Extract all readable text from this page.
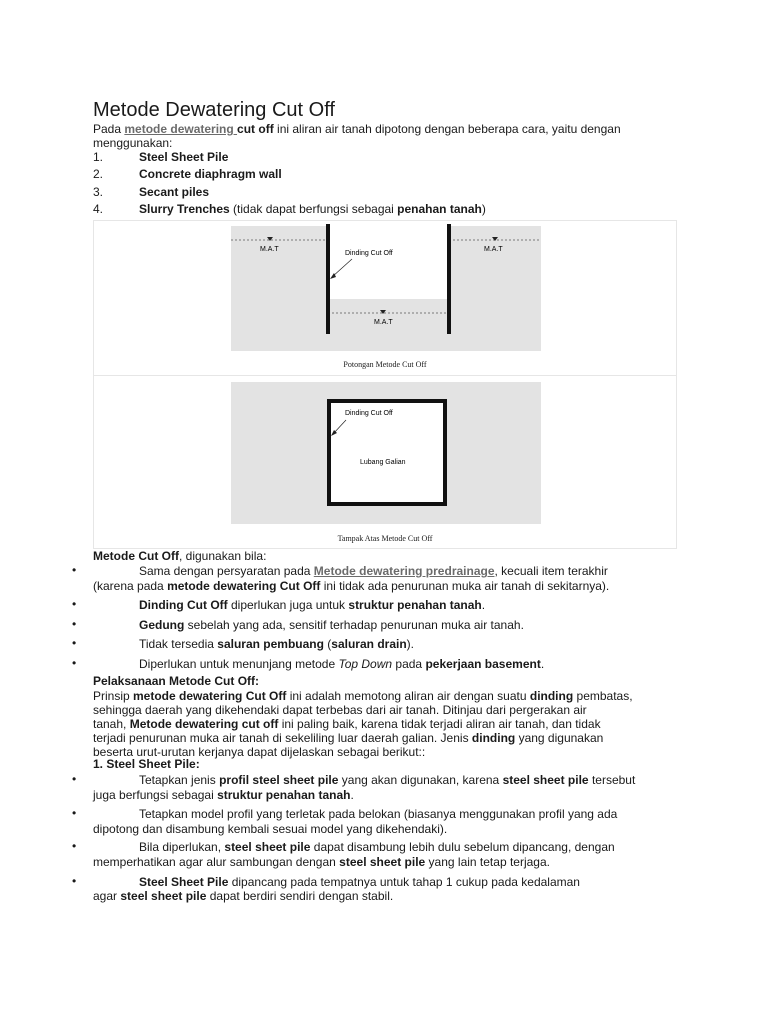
Metode Dewatering Cut Off

Pada metode dewatering cut off ini aliran air tanah dipotong dengan beberapa cara, yaitu dengan

menggunakan:

1.	Steel Sheet Pile
2.	Concrete diaphragm wall
3.	Secant piles
4.	Slurry Trenches (tidak dapat berfungsi sebagai penahan tanah)
M.A.T	M.A.T
M.A.T
Dinding Cut Off
Potongan Metode Cut Off
Dinding Cut Off
Lubang Galian
Tampak Atas Metode Cut Off

Metode Cut Off, digunakan bila:

•	Sama dengan persyaratan pada Metode dewatering predrainage, kecuali item terakhir

(karena pada metode dewatering Cut Off ini tidak ada penurunan muka air tanah di sekitarnya).

•	Dinding Cut Off diperlukan juga untuk struktur penahan tanah.

•	Gedung sebelah yang ada, sensitif terhadap penurunan muka air tanah.

•	Tidak tersedia saluran pembuang (saluran drain).

•	Diperlukan untuk menunjang metode Top Down pada pekerjaan basement.

Pelaksanaan Metode Cut Off:

Prinsip metode dewatering Cut Off ini adalah memotong aliran air dengan suatu dinding pembatas,

sehingga daerah yang dikehendaki dapat terbebas dari air tanah. Ditinjau dari pergerakan air

tanah, Metode dewatering cut off ini paling baik, karena tidak terjadi aliran air tanah, dan tidak

terjadi penurunan muka air tanah di sekeliling luar daerah galian. Jenis dinding yang digunakan

beserta urut-urutan kerjanya dapat dijelaskan sebagai berikut::

1. Steel Sheet Pile:

•	Tetapkan jenis profil steel sheet pile yang akan digunakan, karena steel sheet pile tersebut

juga berfungsi sebagai struktur penahan tanah.

•	Tetapkan model profil yang terletak pada belokan (biasanya menggunakan profil yang ada

dipotong dan disambung kembali sesuai model yang dikehendaki).

•	Bila diperlukan, steel sheet pile dapat disambung lebih dulu sebelum dipancang, dengan

memperhatikan agar alur sambungan dengan steel sheet pile yang lain tetap terjaga.

•	Steel Sheet Pile dipancang pada tempatnya untuk tahap 1 cukup pada kedalaman

agar steel sheet pile dapat berdiri sendiri dengan stabil.
